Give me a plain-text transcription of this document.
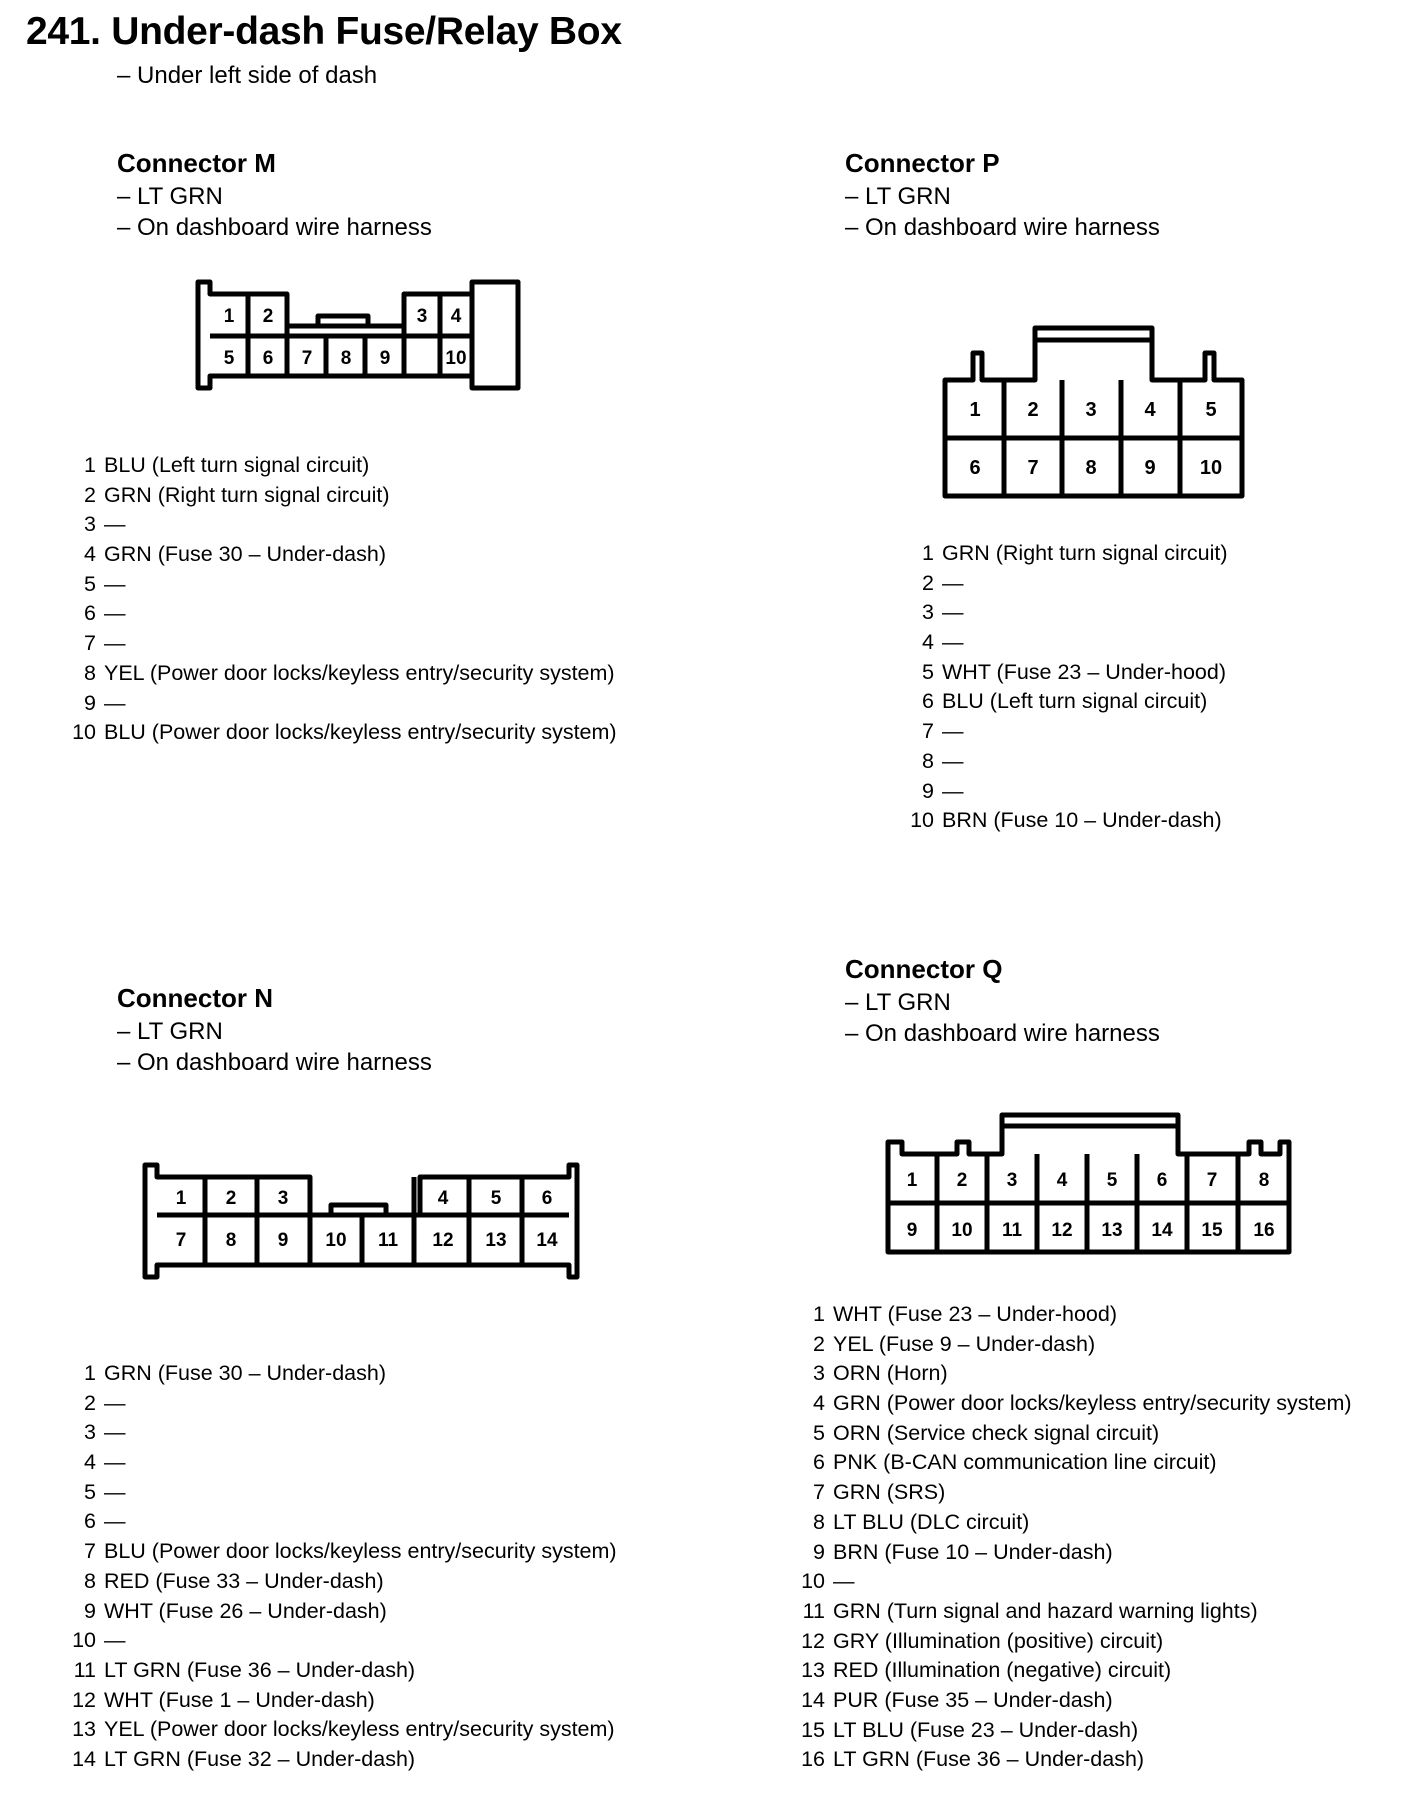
241. Under-dash Fuse/Relay Box
– Under left side of dash
Connector M
– LT GRN
– On dashboard wire harness
1 2	3 4
5 6 7 8 9	10
1 BLU (Left turn signal circuit)
2 GRN (Right turn signal circuit)
3 —
4 GRN (Fuse 30 – Under-dash)
5 —
6 —
7 —
8 YEL (Power door locks/keyless entry/security system)
9 —
10 BLU (Power door locks/keyless entry/security system)
Connector P
– LT GRN
– On dashboard wire harness
1 2 3 4 5
6 7 8 9 10
1 GRN (Right turn signal circuit)
2 —
3 —
4 —
5 WHT (Fuse 23 – Under-hood)
6 BLU (Left turn signal circuit)
7 —
8 —
9 —
10 BRN (Fuse 10 – Under-dash)
Connector N
– LT GRN
– On dashboard wire harness
1 2 3	4 5 6
7 8 9 10 11 12 13 14
1 GRN (Fuse 30 – Under-dash)
2 —
3 —
4 —
5 —
6 —
7 BLU (Power door locks/keyless entry/security system)
8 RED (Fuse 33 – Under-dash)
9 WHT (Fuse 26 – Under-dash)
10 —
11 LT GRN (Fuse 36 – Under-dash)
12 WHT (Fuse 1 – Under-dash)
13 YEL (Power door locks/keyless entry/security system)
14 LT GRN (Fuse 32 – Under-dash)
Connector Q
– LT GRN
– On dashboard wire harness
1 2 3 4 5 6 7 8
9 10 11 12 13 14 15 16
1 WHT (Fuse 23 – Under-hood)
2 YEL (Fuse 9 – Under-dash)
3 ORN (Horn)
4 GRN (Power door locks/keyless entry/security system)
5 ORN (Service check signal circuit)
6 PNK (B-CAN communication line circuit)
7 GRN (SRS)
8 LT BLU (DLC circuit)
9 BRN (Fuse 10 – Under-dash)
10 —
11 GRN (Turn signal and hazard warning lights)
12 GRY (Illumination (positive) circuit)
13 RED (Illumination (negative) circuit)
14 PUR (Fuse 35 – Under-dash)
15 LT BLU (Fuse 23 – Under-dash)
16 LT GRN (Fuse 36 – Under-dash)
